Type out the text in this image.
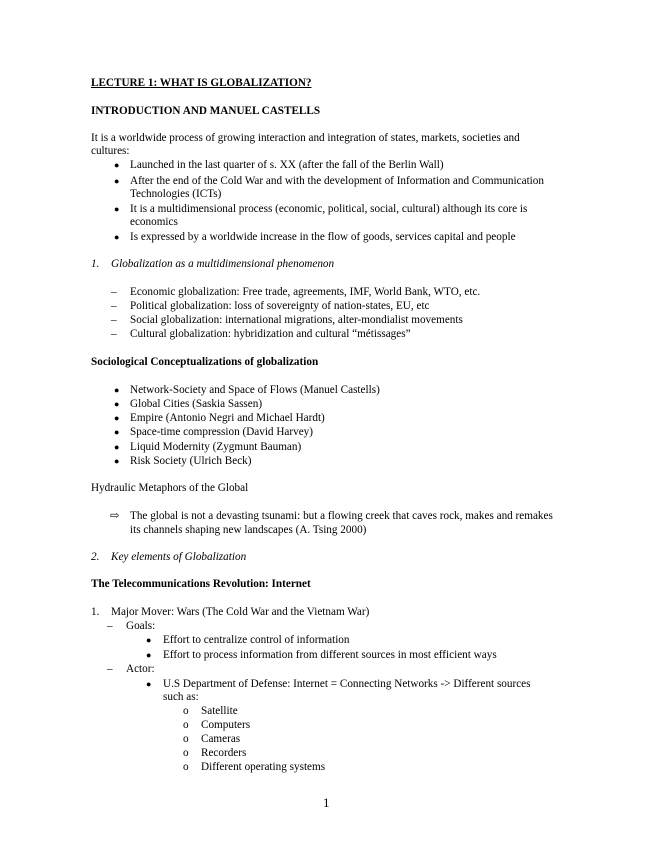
LECTURE 1: WHAT IS GLOBALIZATION?
INTRODUCTION AND MANUEL CASTELLS
It is a worldwide process of growing interaction and integration of states, markets, societies and
cultures:
● Launched in the last quarter of s. XX (after the fall of the Berlin Wall)
● After the end of the Cold War and with the development of Information and Communication
Technologies (ICTs)
● It is a multidimensional process (economic, political, social, cultural) although its core is
economics
● Is expressed by a worldwide increase in the flow of goods, services capital and people
1. Globalization as a multidimensional phenomenon
– Economic globalization: Free trade, agreements, IMF, World Bank, WTO, etc.
– Political globalization: loss of sovereignty of nation-states, EU, etc
– Social globalization: international migrations, alter-mondialist movements
– Cultural globalization: hybridization and cultural “métissages”
Sociological Conceptualizations of globalization
● Network-Society and Space of Flows (Manuel Castells)
● Global Cities (Saskia Sassen)
● Empire (Antonio Negri and Michael Hardt)
● Space-time compression (David Harvey)
● Liquid Modernity (Zygmunt Bauman)
● Risk Society (Ulrich Beck)
Hydraulic Metaphors of the Global
⇨ The global is not a devasting tsunami: but a flowing creek that caves rock, makes and remakes
its channels shaping new landscapes (A. Tsing 2000)
2. Key elements of Globalization
The Telecommunications Revolution: Internet
1. Major Mover: Wars (The Cold War and the Vietnam War)
– Goals:
● Effort to centralize control of information
● Effort to process information from different sources in most efficient ways
– Actor:
● U.S Department of Defense: Internet = Connecting Networks -> Different sources
such as:
o Satellite
o Computers
o Cameras
o Recorders
o Different operating systems
1
